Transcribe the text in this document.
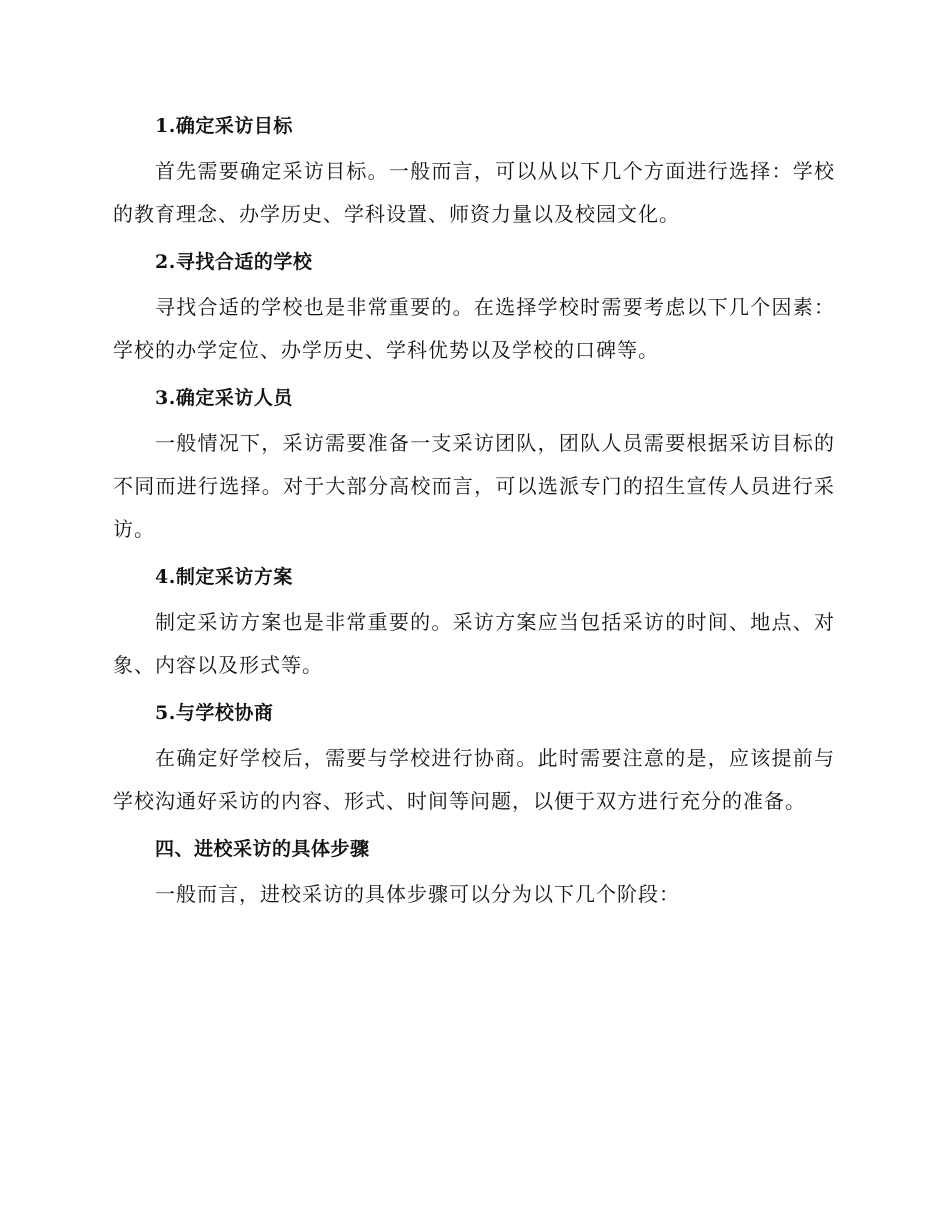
1.确定采访目标

首先需要确定采访目标。一般而言，可以从以下几个方面进行选择：学校的教育理念、办学历史、学科设置、师资力量以及校园文化。

2.寻找合适的学校

寻找合适的学校也是非常重要的。在选择学校时需要考虑以下几个因素：学校的办学定位、办学历史、学科优势以及学校的口碑等。

3.确定采访人员

一般情况下，采访需要准备一支采访团队，团队人员需要根据采访目标的不同而进行选择。对于大部分高校而言，可以选派专门的招生宣传人员进行采访。

4.制定采访方案

制定采访方案也是非常重要的。采访方案应当包括采访的时间、地点、对象、内容以及形式等。

5.与学校协商

在确定好学校后，需要与学校进行协商。此时需要注意的是，应该提前与学校沟通好采访的内容、形式、时间等问题，以便于双方进行充分的准备。

四、进校采访的具体步骤

一般而言，进校采访的具体步骤可以分为以下几个阶段：
